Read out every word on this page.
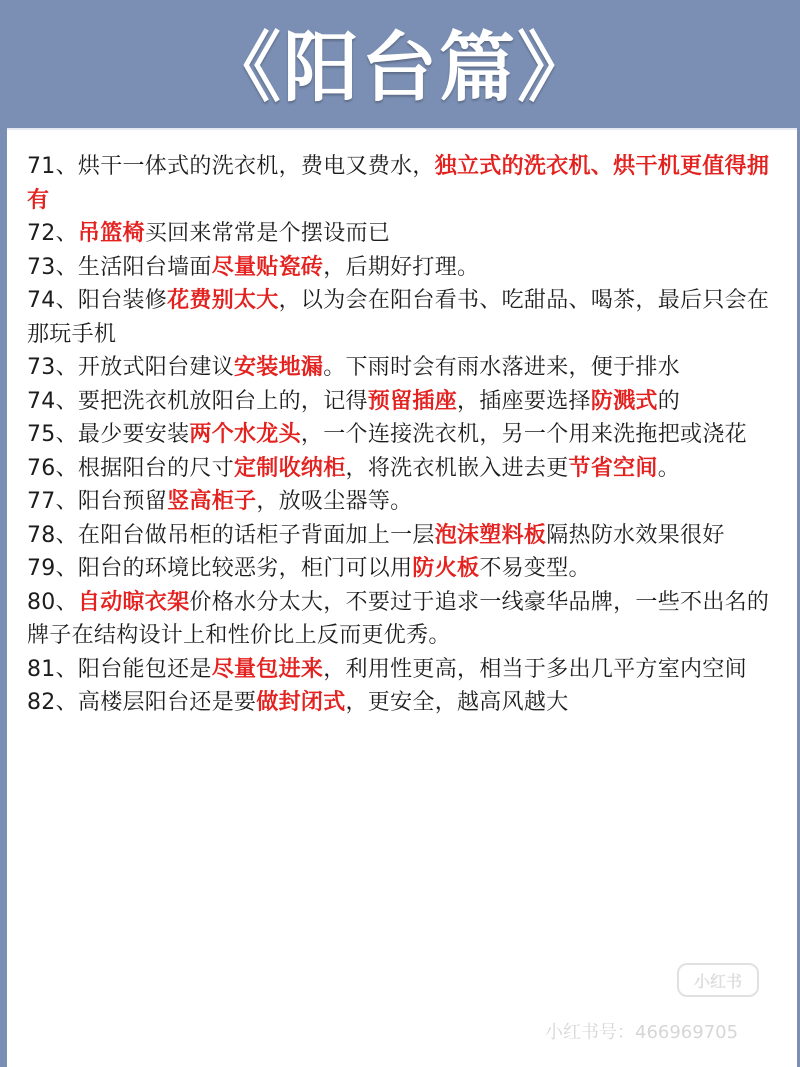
《阳台篇》
71、烘干一体式的洗衣机，费电又费水，独立式的洗衣机、烘干机更值得拥有
72、吊篮椅买回来常常是个摆设而已
73、生活阳台墙面尽量贴瓷砖，后期好打理。
74、阳台装修花费别太大，以为会在阳台看书、吃甜品、喝茶，最后只会在那玩手机
73、开放式阳台建议安装地漏。下雨时会有雨水落进来，便于排水
74、要把洗衣机放阳台上的，记得预留插座，插座要选择防溅式的
75、最少要安装两个水龙头，一个连接洗衣机，另一个用来洗拖把或浇花
76、根据阳台的尺寸定制收纳柜，将洗衣机嵌入进去更节省空间。
77、阳台预留竖高柜子，放吸尘器等。
78、在阳台做吊柜的话柜子背面加上一层泡沫塑料板隔热防水效果很好
79、阳台的环境比较恶劣，柜门可以用防火板不易变型。
80、自动晾衣架价格水分太大，不要过于追求一线豪华品牌，一些不出名的牌子在结构设计上和性价比上反而更优秀。
81、阳台能包还是尽量包进来，利用性更高，相当于多出几平方室内空间
82、高楼层阳台还是要做封闭式，更安全，越高风越大
小红书
小红书号：466969705
